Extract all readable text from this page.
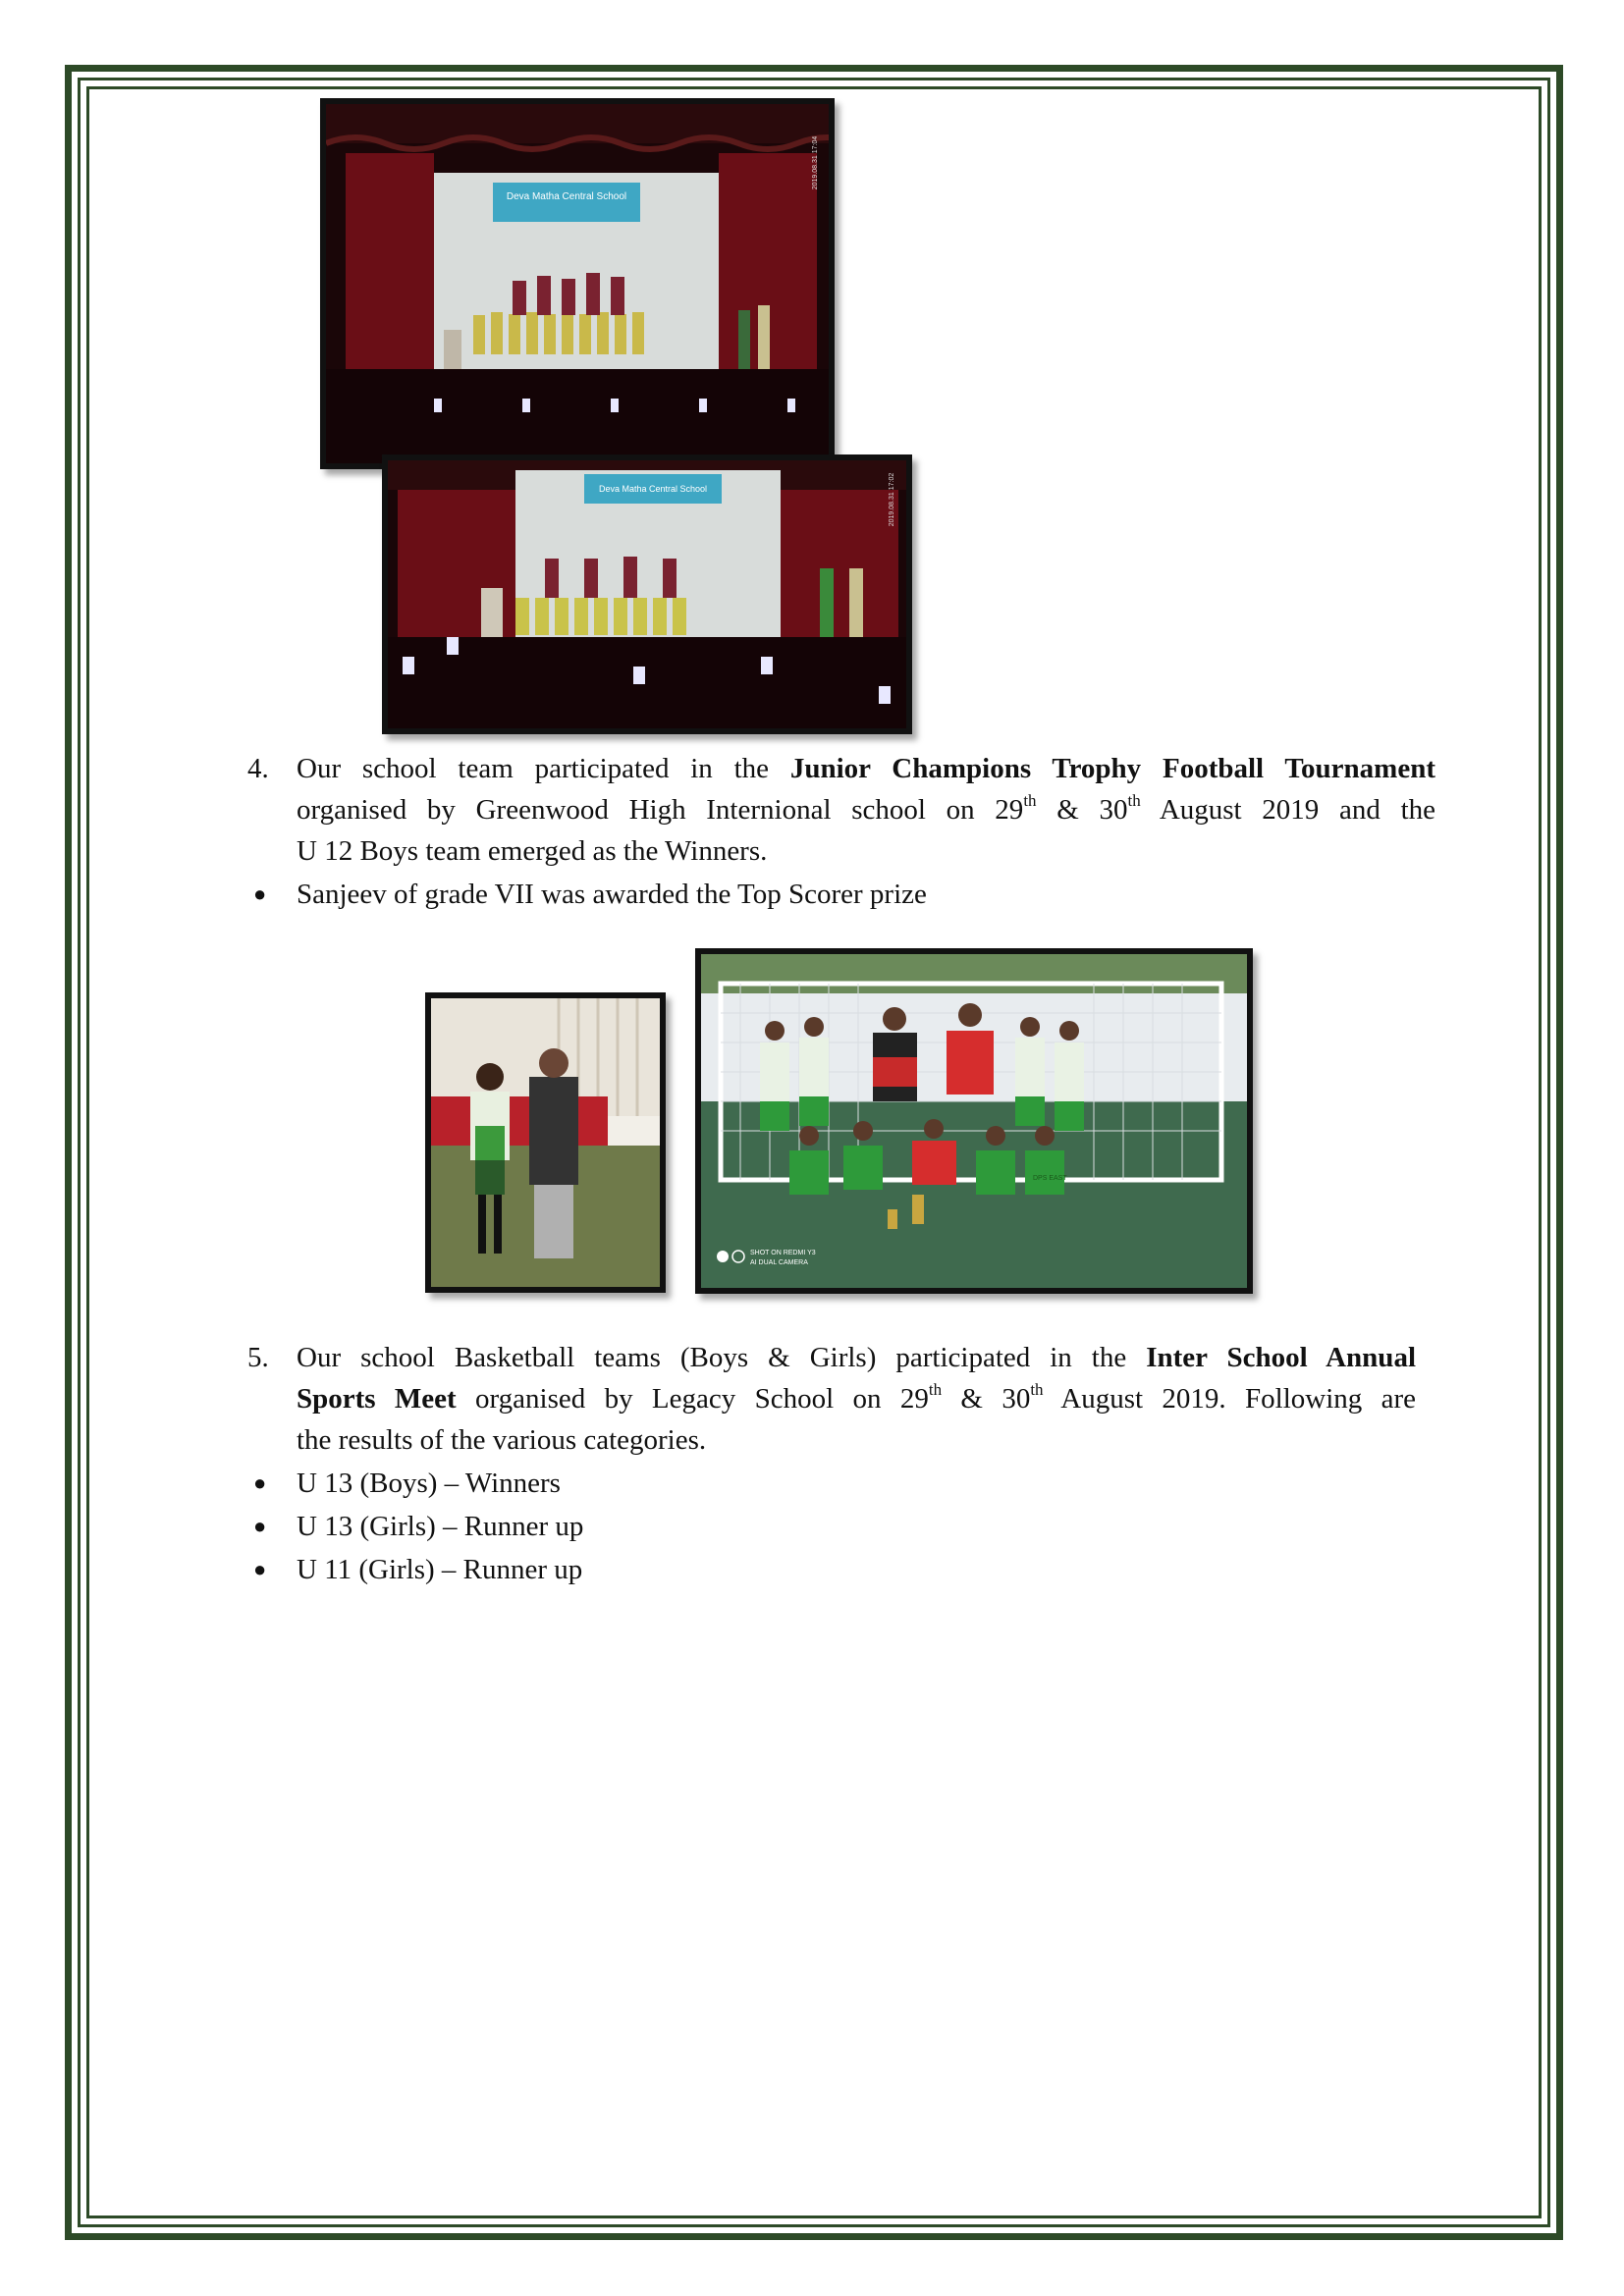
Deva Matha Central School
2019.08.31 17:04
Deva Matha Central School	2019.08.31 17:02
4. Our school team participated in the Junior Champions Trophy Football Tournament
organised by Greenwood High Internional school on 29th & 30th August 2019 and the
U 12 Boys team emerged as the Winners.
● Sanjeev of grade VII was awarded the Top Scorer prize
DPS EAST
SHOT ON REDMI Y3
AI DUAL CAMERA
5. Our school Basketball teams (Boys & Girls) participated in the Inter School Annual
Sports Meet organised by Legacy School on 29th & 30th August 2019. Following are
the results of the various categories.
● U 13 (Boys) – Winners
● U 13 (Girls) – Runner up
● U 11 (Girls) – Runner up
